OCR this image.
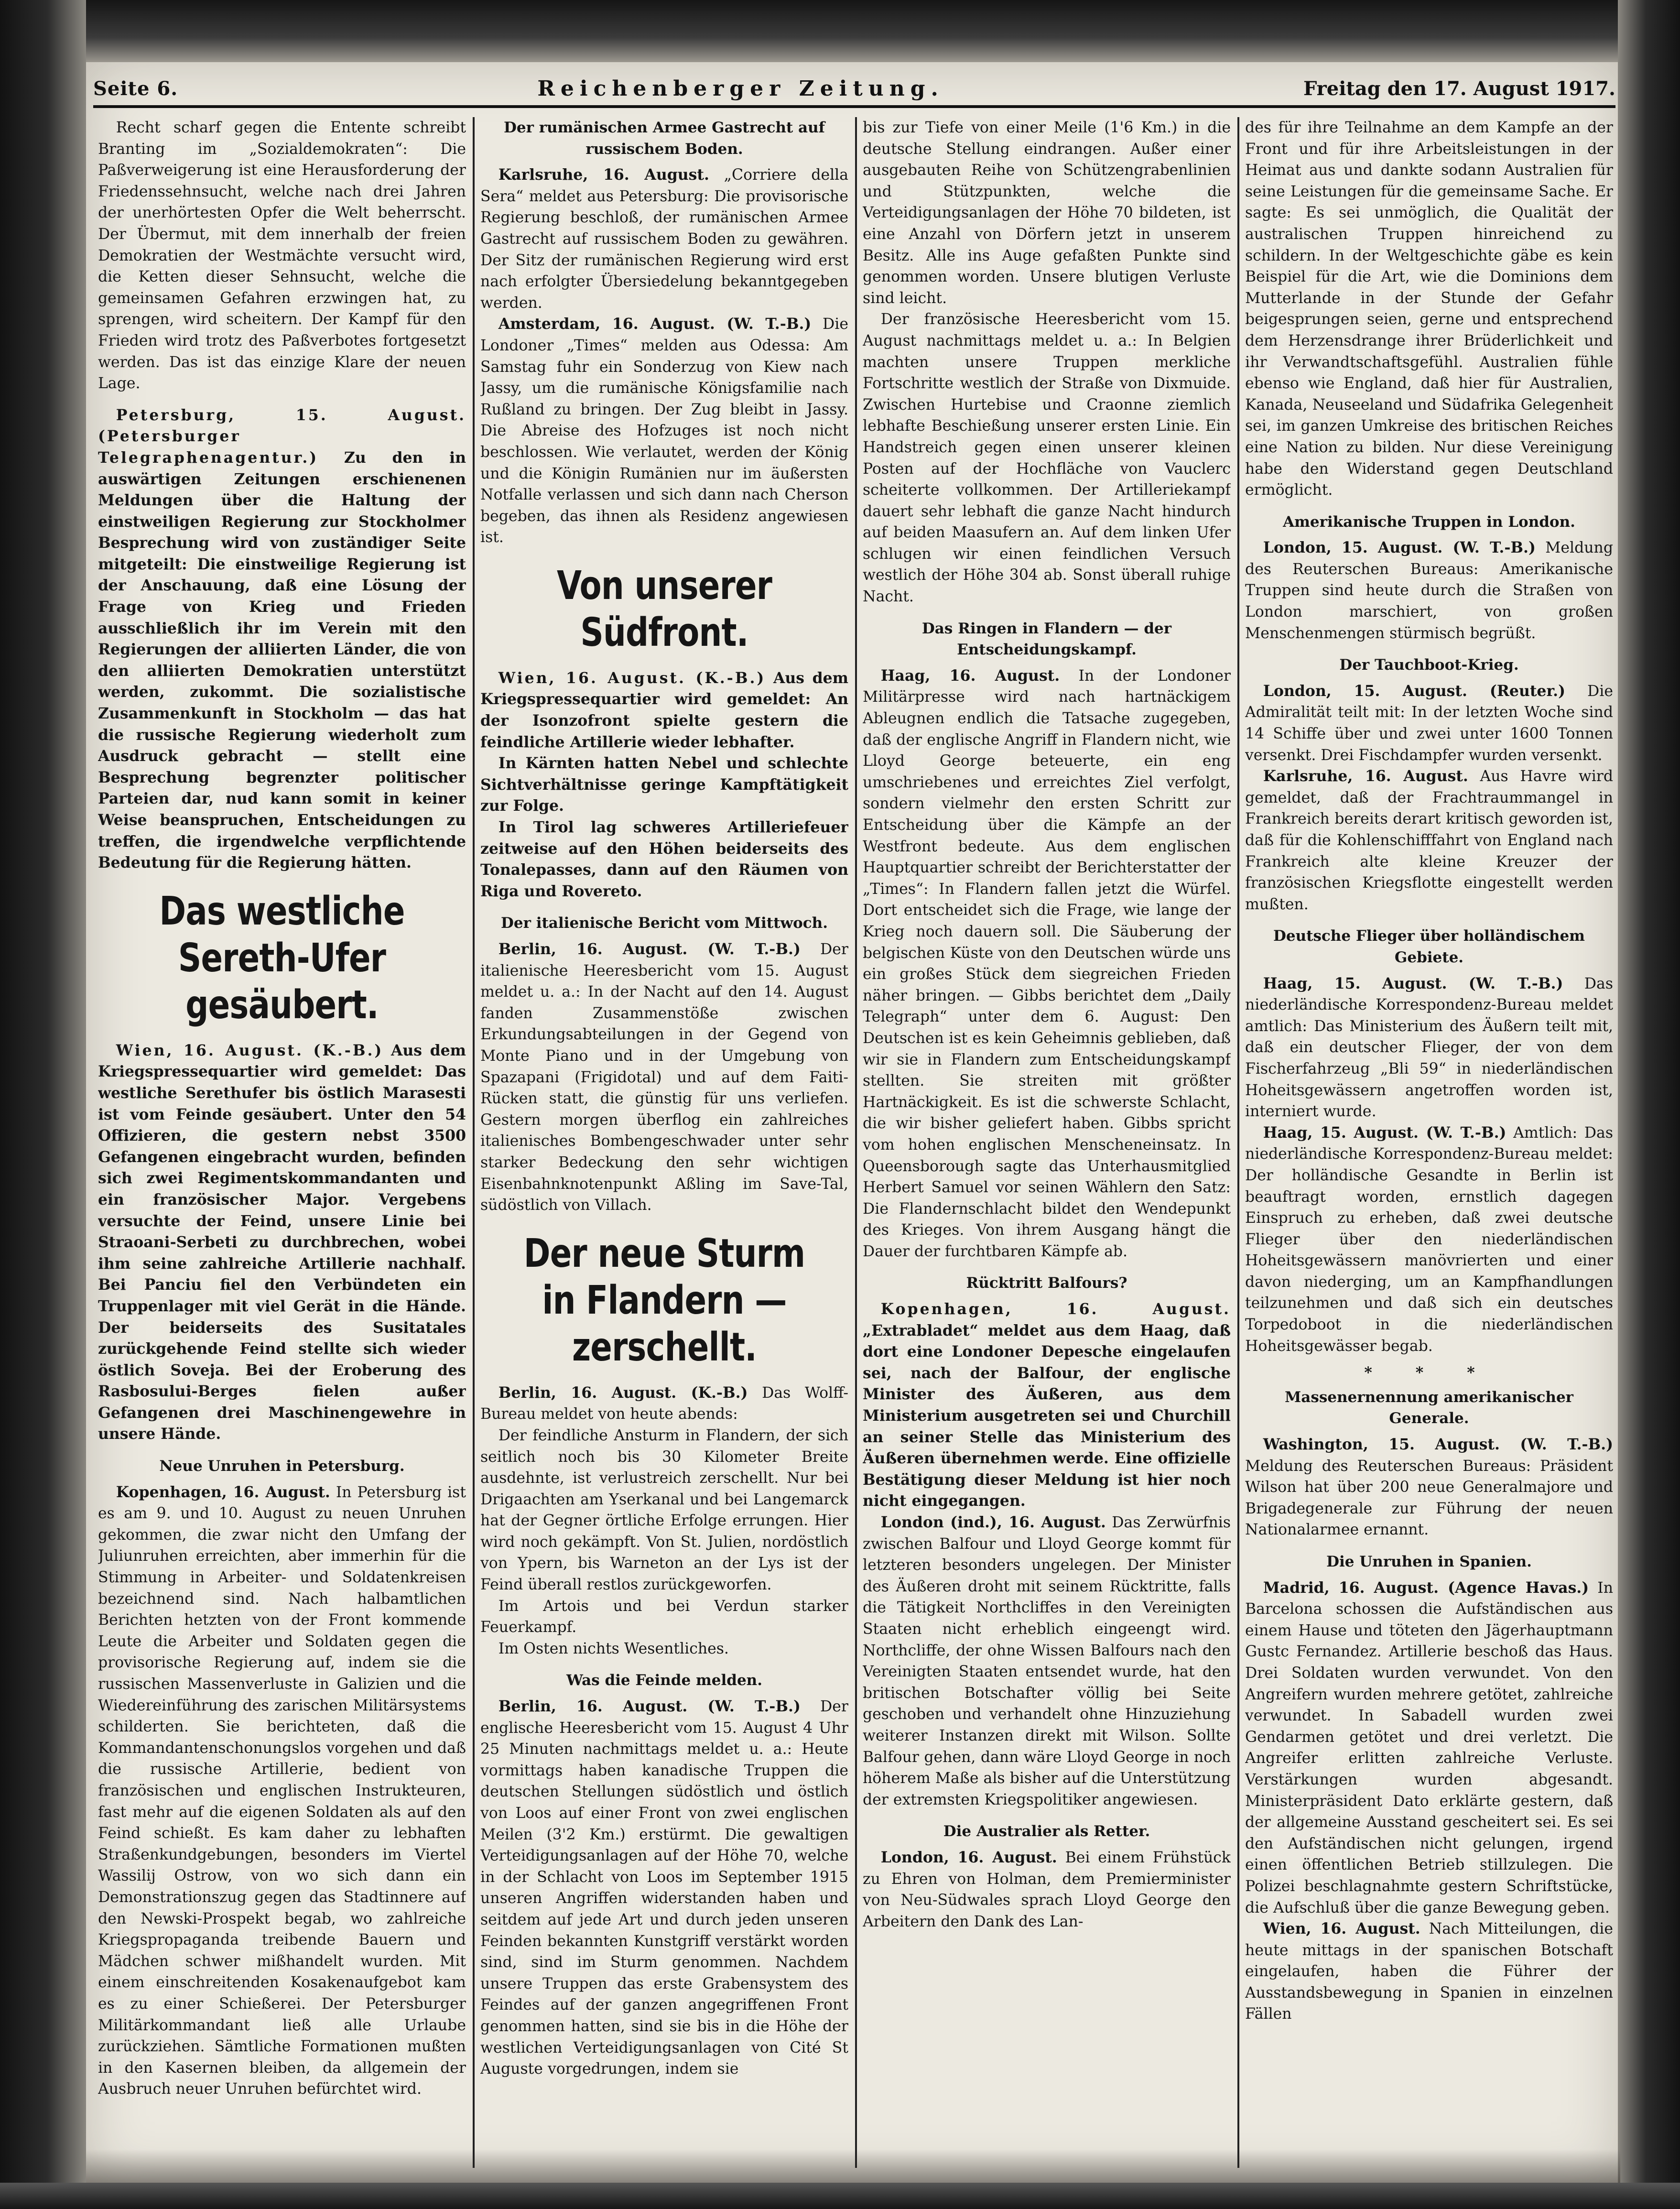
Seite 6.	Reichenberger Zeitung.	Freitag den 17. August 1917.

Recht scharf gegen die Entente schreibt Branting im „Sozialdemokraten“: Die Paßverweigerung ist eine Herausforderung der Friedenssehnsucht, welche nach drei Jahren der unerhörtesten Opfer die Welt beherrscht. Der Übermut, mit dem innerhalb der freien Demokratien der Westmächte versucht wird, die Ketten dieser Sehnsucht, welche die gemeinsamen Gefahren erzwingen hat, zu sprengen, wird scheitern. Der Kampf für den Frieden wird trotz des Paßverbotes fortgesetzt werden. Das ist das einzige Klare der neuen Lage.

Petersburg, 15. August. (Petersburger Telegraphenagentur.) Zu den in auswärtigen Zeitungen erschienenen Meldungen über die Haltung der einstweiligen Regierung zur Stockholmer Besprechung wird von zuständiger Seite mitgeteilt: Die einstweilige Regierung ist der Anschauung, daß eine Lösung der Frage von Krieg und Frieden ausschließlich ihr im Verein mit den Regierungen der alliierten Länder, die von den alliierten Demokratien unterstützt werden, zukommt. Die sozialistische Zusammenkunft in Stockholm — das hat die russische Regierung wiederholt zum Ausdruck gebracht — stellt eine Besprechung begrenzter politischer Parteien dar, nud kann somit in keiner Weise beanspruchen, Entscheidungen zu treffen, die irgendwelche verpflichtende Bedeutung für die Regierung hätten.

Das westliche Sereth-Ufer gesäubert.

Wien, 16. August. (K.-B.) Aus dem Kriegspressequartier wird gemeldet: Das westliche Serethufer bis östlich Marasesti ist vom Feinde gesäubert. Unter den 54 Offizieren, die gestern nebst 3500 Gefangenen eingebracht wurden, befinden sich zwei Regimentskommandanten und ein französischer Major. Vergebens versuchte der Feind, unsere Linie bei Straoani-Serbeti zu durchbrechen, wobei ihm seine zahlreiche Artillerie nachhalf. Bei Panciu fiel den Verbündeten ein Truppenlager mit viel Gerät in die Hände. Der beiderseits des Susitatales zurückgehende Feind stellte sich wieder östlich Soveja. Bei der Eroberung des Rasbosului-Berges fielen außer Gefangenen drei Maschinengewehre in unsere Hände.

Neue Unruhen in Petersburg.

Kopenhagen, 16. August. In Petersburg ist es am 9. und 10. August zu neuen Unruhen gekommen, die zwar nicht den Umfang der Juliunruhen erreichten, aber immerhin für die Stimmung in Arbeiter- und Soldatenkreisen bezeichnend sind. Nach halbamtlichen Berichten hetzten von der Front kommende Leute die Arbeiter und Soldaten gegen die provisorische Regierung auf, indem sie die russischen Massenverluste in Galizien und die Wiedereinführung des zarischen Militärsystems schilderten. Sie berichteten, daß die Kommandantenschonungslos vorgehen und daß die russische Artillerie, bedient von französischen und englischen Instrukteuren, fast mehr auf die eigenen Soldaten als auf den Feind schießt. Es kam daher zu lebhaften Straßenkundgebungen, besonders im Viertel Wassilij Ostrow, von wo sich dann ein Demonstrationszug gegen das Stadtinnere auf den Newski-Prospekt begab, wo zahlreiche Kriegspropaganda treibende Bauern und Mädchen schwer mißhandelt wurden. Mit einem einschreitenden Kosakenaufgebot kam es zu einer Schießerei. Der Petersburger Militärkommandant ließ alle Urlaube zurückziehen. Sämtliche Formationen mußten in den Kasernen bleiben, da allgemein der Ausbruch neuer Unruhen befürchtet wird.

Der rumänischen Armee Gastrecht auf russischem Boden.

Karlsruhe, 16. August. „Corriere della Sera“ meldet aus Petersburg: Die provisorische Regierung beschloß, der rumänischen Armee Gastrecht auf russischem Boden zu gewähren. Der Sitz der rumänischen Regierung wird erst nach erfolgter Übersiedelung bekanntgegeben werden.

Amsterdam, 16. August. (W. T.-B.) Die Londoner „Times“ melden aus Odessa: Am Samstag fuhr ein Sonderzug von Kiew nach Jassy, um die rumänische Königsfamilie nach Rußland zu bringen. Der Zug bleibt in Jassy. Die Abreise des Hofzuges ist noch nicht beschlossen. Wie verlautet, werden der König und die Königin Rumänien nur im äußersten Notfalle verlassen und sich dann nach Cherson begeben, das ihnen als Residenz angewiesen ist.

Von unserer Südfront.

Wien, 16. August. (K.-B.) Aus dem Kriegspressequartier wird gemeldet: An der Isonzofront spielte gestern die feindliche Artillerie wieder lebhafter.

In Kärnten hatten Nebel und schlechte Sichtverhältnisse geringe Kampftätigkeit zur Folge.

In Tirol lag schweres Artilleriefeuer zeitweise auf den Höhen beiderseits des Tonalepasses, dann auf den Räumen von Riga und Rovereto.

Der italienische Bericht vom Mittwoch.

Berlin, 16. August. (W. T.-B.) Der italienische Heeresbericht vom 15. August meldet u. a.: In der Nacht auf den 14. August fanden Zusammenstöße zwischen Erkundungsabteilungen in der Gegend von Monte Piano und in der Umgebung von Spazapani (Frigidotal) und auf dem Faiti-Rücken statt, die günstig für uns verliefen. Gestern morgen überflog ein zahlreiches italienisches Bombengeschwader unter sehr starker Bedeckung den sehr wichtigen Eisenbahnknotenpunkt Aßling im Save-Tal, südöstlich von Villach.

Der neue Sturm in Flandern — zerschellt.

Berlin, 16. August. (K.-B.) Das Wolff-Bureau meldet von heute abends:

Der feindliche Ansturm in Flandern, der sich seitlich noch bis 30 Kilometer Breite ausdehnte, ist verlustreich zerschellt. Nur bei Drigaachten am Yserkanal und bei Langemarck hat der Gegner örtliche Erfolge errungen. Hier wird noch gekämpft. Von St. Julien, nordöstlich von Ypern, bis Warneton an der Lys ist der Feind überall restlos zurückgeworfen.

Im Artois und bei Verdun starker Feuerkampf.

Im Osten nichts Wesentliches.

Was die Feinde melden.

Berlin, 16. August. (W. T.-B.) Der englische Heeresbericht vom 15. August 4 Uhr 25 Minuten nachmittags meldet u. a.: Heute vormittags haben kanadische Truppen die deutschen Stellungen südöstlich und östlich von Loos auf einer Front von zwei englischen Meilen (3'2 Km.) erstürmt. Die gewaltigen Verteidigungsanlagen auf der Höhe 70, welche in der Schlacht von Loos im September 1915 unseren Angriffen widerstanden haben und seitdem auf jede Art und durch jeden unseren Feinden bekannten Kunstgriff verstärkt worden sind, sind im Sturm genommen. Nachdem unsere Truppen das erste Grabensystem des Feindes auf der ganzen angegriffenen Front genommen hatten, sind sie bis in die Höhe der westlichen Verteidigungsanlagen von Cité St Auguste vorgedrungen, indem sie

bis zur Tiefe von einer Meile (1'6 Km.) in die deutsche Stellung eindrangen. Außer einer ausgebauten Reihe von Schützengrabenlinien und Stützpunkten, welche die Verteidigungsanlagen der Höhe 70 bildeten, ist eine Anzahl von Dörfern jetzt in unserem Besitz. Alle ins Auge gefaßten Punkte sind genommen worden. Unsere blutigen Verluste sind leicht.

Der französische Heeresbericht vom 15. August nachmittags meldet u. a.: In Belgien machten unsere Truppen merkliche Fortschritte westlich der Straße von Dixmuide. Zwischen Hurtebise und Craonne ziemlich lebhafte Beschießung unserer ersten Linie. Ein Handstreich gegen einen unserer kleinen Posten auf der Hochfläche von Vauclerc scheiterte vollkommen. Der Artilleriekampf dauert sehr lebhaft die ganze Nacht hindurch auf beiden Maasufern an. Auf dem linken Ufer schlugen wir einen feindlichen Versuch westlich der Höhe 304 ab. Sonst überall ruhige Nacht.

Das Ringen in Flandern — der Entscheidungskampf.

Haag, 16. August. In der Londoner Militärpresse wird nach hartnäckigem Ableugnen endlich die Tatsache zugegeben, daß der englische Angriff in Flandern nicht, wie Lloyd George beteuerte, ein eng umschriebenes und erreichtes Ziel verfolgt, sondern vielmehr den ersten Schritt zur Entscheidung über die Kämpfe an der Westfront bedeute. Aus dem englischen Hauptquartier schreibt der Berichterstatter der „Times“: In Flandern fallen jetzt die Würfel. Dort entscheidet sich die Frage, wie lange der Krieg noch dauern soll. Die Säuberung der belgischen Küste von den Deutschen würde uns ein großes Stück dem siegreichen Frieden näher bringen. — Gibbs berichtet dem „Daily Telegraph“ unter dem 6. August: Den Deutschen ist es kein Geheimnis geblieben, daß wir sie in Flandern zum Entscheidungskampf stellten. Sie streiten mit größter Hartnäckigkeit. Es ist die schwerste Schlacht, die wir bisher geliefert haben. Gibbs spricht vom hohen englischen Menscheneinsatz. In Queensborough sagte das Unterhausmitglied Herbert Samuel vor seinen Wählern den Satz: Die Flandernschlacht bildet den Wendepunkt des Krieges. Von ihrem Ausgang hängt die Dauer der furchtbaren Kämpfe ab.

Rücktritt Balfours?

Kopenhagen, 16. August. „Extrabladet“ meldet aus dem Haag, daß dort eine Londoner Depesche eingelaufen sei, nach der Balfour, der englische Minister des Äußeren, aus dem Ministerium ausgetreten sei und Churchill an seiner Stelle das Ministerium des Äußeren übernehmen werde. Eine offizielle Bestätigung dieser Meldung ist hier noch nicht eingegangen.

London (ind.), 16. August. Das Zerwürfnis zwischen Balfour und Lloyd George kommt für letzteren besonders ungelegen. Der Minister des Äußeren droht mit seinem Rücktritte, falls die Tätigkeit Northcliffes in den Vereinigten Staaten nicht erheblich eingeengt wird. Northcliffe, der ohne Wissen Balfours nach den Vereinigten Staaten entsendet wurde, hat den britischen Botschafter völlig bei Seite geschoben und verhandelt ohne Hinzuziehung weiterer Instanzen direkt mit Wilson. Sollte Balfour gehen, dann wäre Lloyd George in noch höherem Maße als bisher auf die Unterstützung der extremsten Kriegspolitiker angewiesen.

Die Australier als Retter.

London, 16. August. Bei einem Frühstück zu Ehren von Holman, dem Premierminister von Neu-Südwales sprach Lloyd George den Arbeitern den Dank des Lan-

des für ihre Teilnahme an dem Kampfe an der Front und für ihre Arbeitsleistungen in der Heimat aus und dankte sodann Australien für seine Leistungen für die gemeinsame Sache. Er sagte: Es sei unmöglich, die Qualität der australischen Truppen hinreichend zu schildern. In der Weltgeschichte gäbe es kein Beispiel für die Art, wie die Dominions dem Mutterlande in der Stunde der Gefahr beigesprungen seien, gerne und entsprechend dem Herzensdrange ihrer Brüderlichkeit und ihr Verwandtschaftsgefühl. Australien fühle ebenso wie England, daß hier für Australien, Kanada, Neuseeland und Südafrika Gelegenheit sei, im ganzen Umkreise des britischen Reiches eine Nation zu bilden. Nur diese Vereinigung habe den Widerstand gegen Deutschland ermöglicht.

Amerikanische Truppen in London.

London, 15. August. (W. T.-B.) Meldung des Reuterschen Bureaus: Amerikanische Truppen sind heute durch die Straßen von London marschiert, von großen Menschenmengen stürmisch begrüßt.

Der Tauchboot-Krieg.

London, 15. August. (Reuter.) Die Admiralität teilt mit: In der letzten Woche sind 14 Schiffe über und zwei unter 1600 Tonnen versenkt. Drei Fischdampfer wurden versenkt.

Karlsruhe, 16. August. Aus Havre wird gemeldet, daß der Frachtraummangel in Frankreich bereits derart kritisch geworden ist, daß für die Kohlenschifffahrt von England nach Frankreich alte kleine Kreuzer der französischen Kriegsflotte eingestellt werden mußten.

Deutsche Flieger über holländischem Gebiete.

Haag, 15. August. (W. T.-B.) Das niederländische Korrespondenz-Bureau meldet amtlich: Das Ministerium des Äußern teilt mit, daß ein deutscher Flieger, der von dem Fischerfahrzeug „Bli 59“ in niederländischen Hoheitsgewässern angetroffen worden ist, interniert wurde.

Haag, 15. August. (W. T.-B.) Amtlich: Das niederländische Korrespondenz-Bureau meldet: Der holländische Gesandte in Berlin ist beauftragt worden, ernstlich dagegen Einspruch zu erheben, daß zwei deutsche Flieger über den niederländischen Hoheitsgewässern manövrierten und einer davon niederging, um an Kampfhandlungen teilzunehmen und daß sich ein deutsches Torpedoboot in die niederländischen Hoheitsgewässer begab.

* * *
Massenernennung amerikanischer Generale.

Washington, 15. August. (W. T.-B.) Meldung des Reuterschen Bureaus: Präsident Wilson hat über 200 neue Generalmajore und Brigadegenerale zur Führung der neuen Nationalarmee ernannt.

Die Unruhen in Spanien.

Madrid, 16. August. (Agence Havas.) In Barcelona schossen die Aufständischen aus einem Hause und töteten den Jägerhauptmann Gustc Fernandez. Artillerie beschoß das Haus. Drei Soldaten wurden verwundet. Von den Angreifern wurden mehrere getötet, zahlreiche verwundet. In Sabadell wurden zwei Gendarmen getötet und drei verletzt. Die Angreifer erlitten zahlreiche Verluste. Verstärkungen wurden abgesandt. Ministerpräsident Dato erklärte gestern, daß der allgemeine Ausstand gescheitert sei. Es sei den Aufständischen nicht gelungen, irgend einen öffentlichen Betrieb stillzulegen. Die Polizei beschlagnahmte gestern Schriftstücke, die Aufschluß über die ganze Bewegung geben.

Wien, 16. August. Nach Mitteilungen, die heute mittags in der spanischen Botschaft eingelaufen, haben die Führer der Ausstandsbewegung in Spanien in einzelnen Fällen
